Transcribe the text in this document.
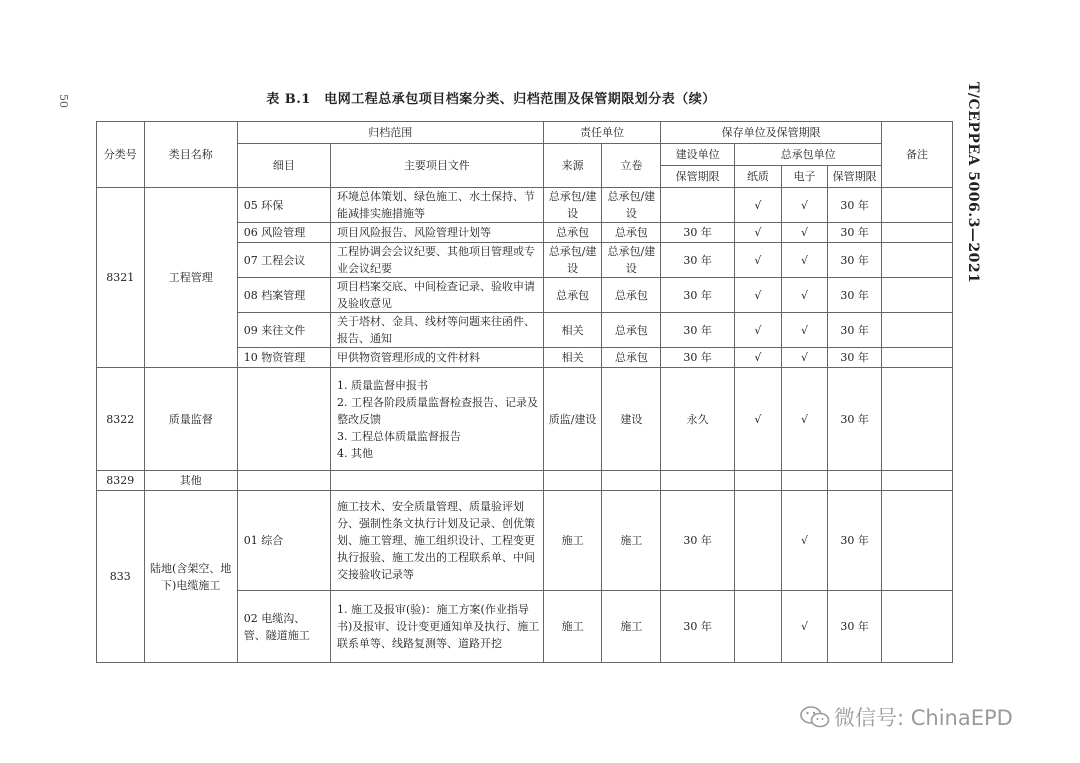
50	T/CEPPEA 5006.3—2021
表 B.1　电网工程总承包项目档案分类、归档范围及保管期限划分表（续）
分类号	类目名称	归档范围		责任单位		保存单位及保管期限				备注
		细目	主要项目文件	来源	立卷	建设单位	总承包单位			
						保管期限	纸质	电子	保管期限	
8321	工程管理	05 环保	环境总体策划、绿色施工、水土保持、节能减排实施措施等	总承包/建设	总承包/建设		√	√	30 年	
		06 风险管理	项目风险报告、风险管理计划等	总承包	总承包	30 年	√	√	30 年	
		07 工程会议	工程协调会会议纪要、其他项目管理或专业会议纪要	总承包/建设	总承包/建设	30 年	√	√	30 年	
		08 档案管理	项目档案交底、中间检查记录、验收申请及验收意见	总承包	总承包	30 年	√	√	30 年	
		09 来往文件	关于塔材、金具、线材等问题来往函件、报告、通知	相关	总承包	30 年	√	√	30 年	
		10 物资管理	甲供物资管理形成的文件材料	相关	总承包	30 年	√	√	30 年	
8322	质量监督		1. 质量监督申报书
2. 工程各阶段质量监督检查报告、记录及整改反馈
3. 工程总体质量监督报告
4. 其他	质监/建设	建设	永久	√	√	30 年	
8329	其他		

833	陆地(含架空、地下)电缆施工	01 综合	施工技术、安全质量管理、质量验评划分、强制性条文执行计划及记录、创优策划、施工管理、施工组织设计、工程变更执行报验、施工发出的工程联系单、中间交接验收记录等	施工	施工	30 年		√	30 年	
		02 电缆沟、管、隧道施工	1. 施工及报审(验)：施工方案(作业指导书)及报审、设计变更通知单及执行、施工联系单等、线路复测等、道路开挖	施工	施工	30 年		√	30 年	
微信号: ChinaEPD
